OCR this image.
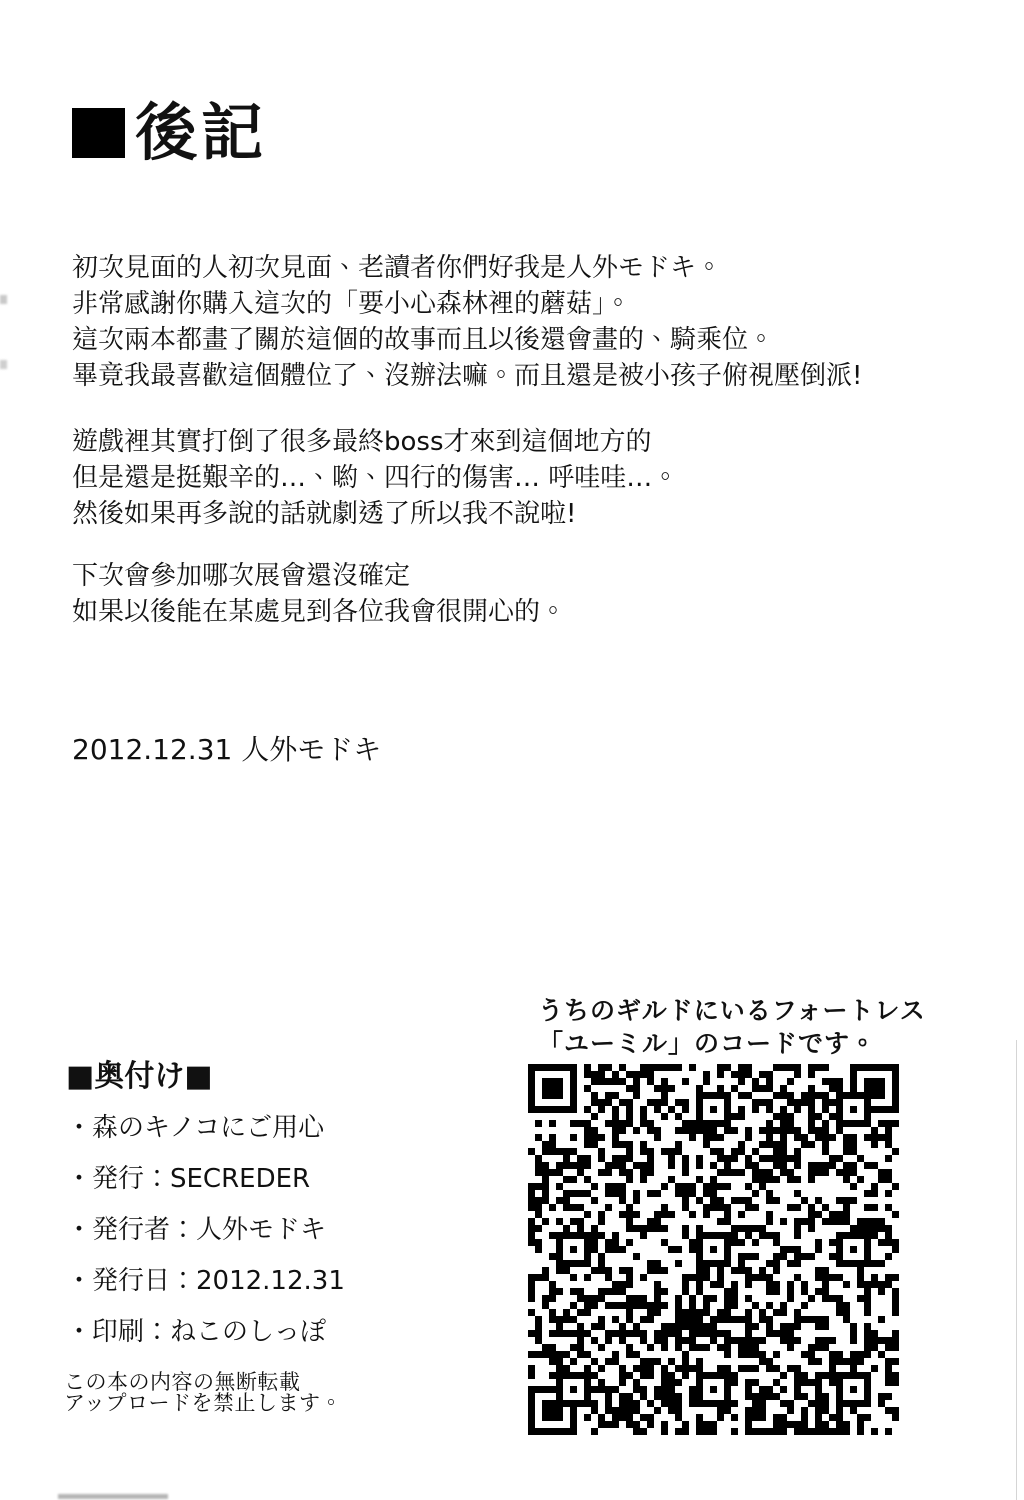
後記
初次見面的人初次見面、老讀者你們好我是人外モドキ。
非常感謝你購入這次的「要小心森林裡的蘑菇」。
這次兩本都畫了關於這個的故事而且以後還會畫的、騎乘位。
畢竟我最喜歡這個體位了、沒辦法嘛。而且還是被小孩子俯視壓倒派!
遊戲裡其實打倒了很多最終boss才來到這個地方的
但是還是挺艱辛的…、喲、四行的傷害… 呼哇哇…。
然後如果再多說的話就劇透了所以我不說啦!
下次會參加哪次展會還沒確定
如果以後能在某處見到各位我會很開心的。
2012.12.31 人外モドキ
うちのギルドにいるフォートレス
「ユーミル」のコードです。
■奥付け■
・森のキノコにご用心
・発行：SECREDER
・発行者：人外モドキ
・発行日：2012.12.31
・印刷：ねこのしっぽ
この本の内容の無断転載
アップロードを禁止します。
